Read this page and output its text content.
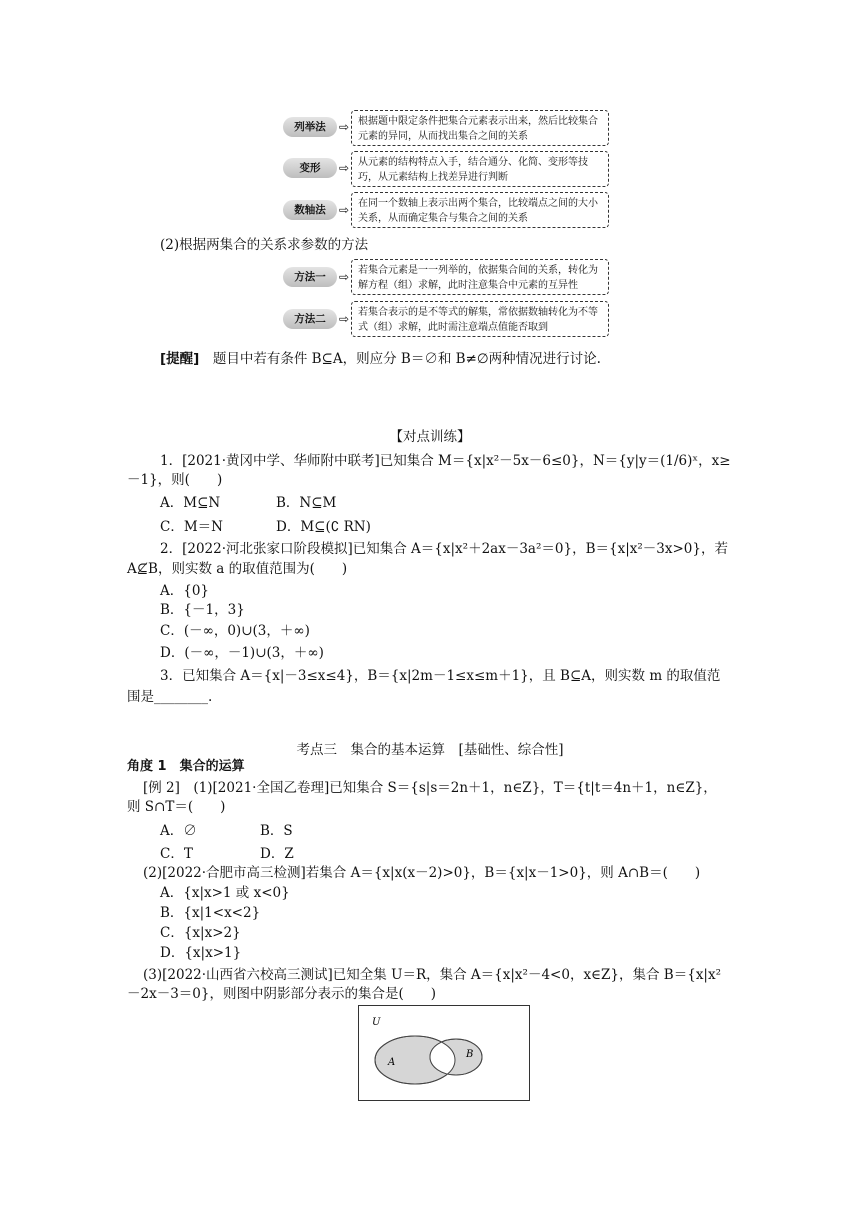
列举法	⇨ 根据题中限定条件把集合元素表示出来，然后比较集合元素的异同，从而找出集合之间的关系
变形	⇨ 从元素的结构特点入手，结合通分、化简、变形等技巧，从元素结构上找差异进行判断
数轴法	⇨ 在同一个数轴上表示出两个集合，比较端点之间的大小关系，从而确定集合与集合之间的关系
(2)根据两集合的关系求参数的方法
方法一	⇨ 若集合元素是一一列举的，依据集合间的关系，转化为解方程（组）求解，此时注意集合中元素的互异性
方法二	⇨ 若集合表示的是不等式的解集，常依据数轴转化为不等式（组）求解，此时需注意端点值能否取到
[提醒]　 题目中若有条件 B⊆A，则应分 B＝∅和 B≠∅两种情况进行讨论.
【对点训练】
1．[2021·黄冈中学、华师附中联考]已知集合 M＝{x|x²－5x－6≤0}，N＝{y|y＝(1/6)ˣ，x≥
－1}，则(　　)
A．M⊆N	B．N⊆M
C．M＝N	D．M⊆(∁ RN)
2．[2022·河北张家口阶段模拟]已知集合 A＝{x|x²＋2ax－3a²＝0}，B＝{x|x²－3x>0}，若
A⊈B，则实数 a 的取值范围为(　　)
A．{0}
B．{－1，3}
C．(－∞，0)∪(3，＋∞)
D．(－∞，－1)∪(3，＋∞)
3．已知集合 A＝{x|－3≤x≤4}，B＝{x|2m－1≤x≤m＋1}，且 B⊆A，则实数 m 的取值范
围是________.
考点三　集合的基本运算　[基础性、综合性]
角度 1　集合的运算
[例 2]　(1)[2021·全国乙卷理]已知集合 S＝{s|s＝2n＋1，n∈Z}，T＝{t|t＝4n＋1，n∈Z}，
则 S∩T＝(　　)
A．∅	B．S
C．T	D．Z
(2)[2022·合肥市高三检测]若集合 A＝{x|x(x－2)>0}，B＝{x|x－1>0}，则 A∩B＝(　　)
A．{x|x>1 或 x<0}
B．{x|1<x<2}
C．{x|x>2}
D．{x|x>1}
(3)[2022·山西省六校高三测试]已知全集 U＝R，集合 A＝{x|x²－4<0，x∈Z}，集合 B＝{x|x²
－2x－3＝0}，则图中阴影部分表示的集合是(　　)
U
A
B
